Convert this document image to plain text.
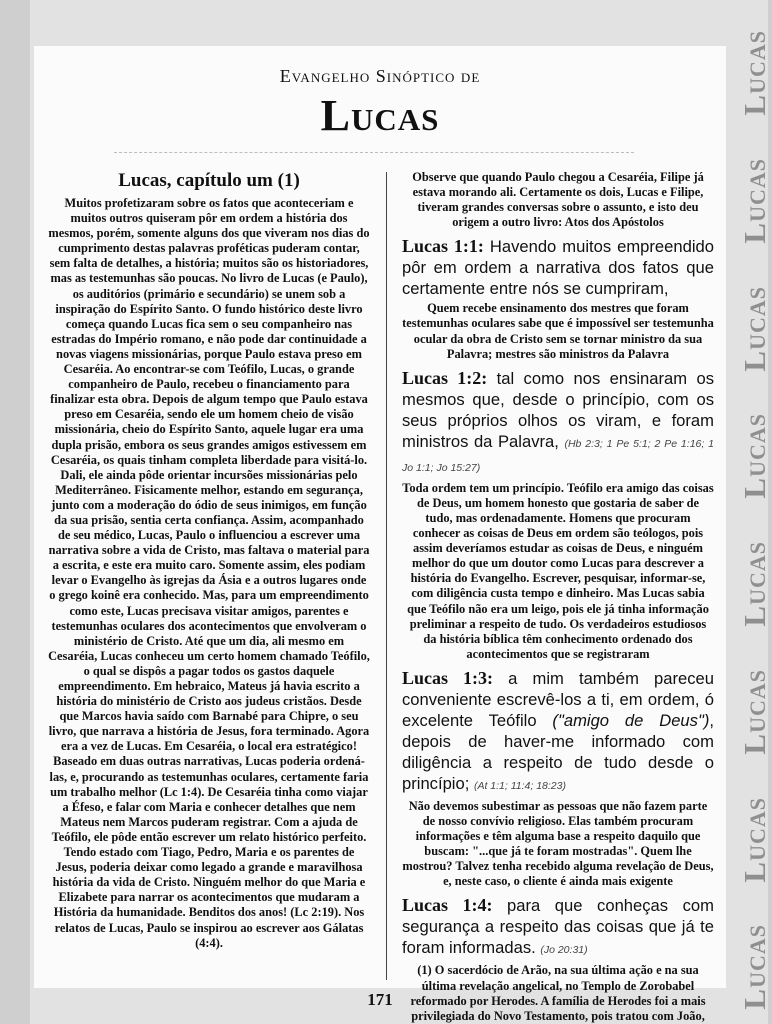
Evangelho Sinóptico de
Lucas
Lucas, capítulo um (1)

Muitos profetizaram sobre os fatos que aconteceriam e muitos outros quiseram pôr em ordem a história dos mesmos, porém, somente alguns dos que viveram nos dias do cumprimento destas palavras proféticas puderam contar, sem falta de detalhes, a história; muitos são os historiadores, mas as testemunhas são poucas. No livro de Lucas (e Paulo), os auditórios (primário e secundário) se unem sob a inspiração do Espírito Santo. O fundo histórico deste livro começa quando Lucas fica sem o seu companheiro nas estradas do Império romano, e não pode dar continuidade a novas viagens missionárias, porque Paulo estava preso em Cesaréia. Ao encontrar-se com Teófilo, Lucas, o grande companheiro de Paulo, recebeu o financiamento para finalizar esta obra. Depois de algum tempo que Paulo estava preso em Cesaréia, sendo ele um homem cheio de visão missionária, cheio do Espírito Santo, aquele lugar era uma dupla prisão, embora os seus grandes amigos estivessem em Cesaréia, os quais tinham completa liberdade para visitá-lo. Dali, ele ainda pôde orientar incursões missionárias pelo Mediterrâneo. Fisicamente melhor, estando em segurança, junto com a moderação do ódio de seus inimigos, em função da sua prisão, sentia certa confiança. Assim, acompanhado de seu médico, Lucas, Paulo o influenciou a escrever uma narrativa sobre a vida de Cristo, mas faltava o material para a escrita, e este era muito caro. Somente assim, eles podiam levar o Evangelho às igrejas da Ásia e a outros lugares onde o grego koinê era conhecido. Mas, para um empreendimento como este, Lucas precisava visitar amigos, parentes e testemunhas oculares dos acontecimentos que envolveram o ministério de Cristo. Até que um dia, ali mesmo em Cesaréia, Lucas conheceu um certo homem chamado Teófilo, o qual se dispôs a pagar todos os gastos daquele empreendimento. Em hebraico, Mateus já havia escrito a história do ministério de Cristo aos judeus cristãos. Desde que Marcos havia saído com Barnabé para Chipre, o seu livro, que narrava a história de Jesus, fora terminado. Agora era a vez de Lucas. Em Cesaréia, o local era estratégico! Baseado em duas outras narrativas, Lucas poderia ordená-las, e, procurando as testemunhas oculares, certamente faria um trabalho melhor (Lc 1:4). De Cesaréia tinha como viajar a Éfeso, e falar com Maria e conhecer detalhes que nem Mateus nem Marcos puderam registrar. Com a ajuda de Teófilo, ele pôde então escrever um relato histórico perfeito. Tendo estado com Tiago, Pedro, Maria e os parentes de Jesus, poderia deixar como legado a grande e maravilhosa história da vida de Cristo. Ninguém melhor do que Maria e Elizabete para narrar os acontecimentos que mudaram a História da humanidade. Benditos dos anos! (Lc 2:19). Nos relatos de Lucas, Paulo se inspirou ao escrever aos Gálatas (4:4).

Observe que quando Paulo chegou a Cesaréia, Filipe já estava morando ali. Certamente os dois, Lucas e Filipe, tiveram grandes conversas sobre o assunto, e isto deu origem a outro livro: Atos dos Apóstolos

Lucas 1:1: Havendo muitos empreendido pôr em ordem a narrativa dos fatos que certamente entre nós se cumpriram,

Quem recebe ensinamento dos mestres que foram testemunhas oculares sabe que é impossível ser testemunha ocular da obra de Cristo sem se tornar ministro da sua Palavra; mestres são ministros da Palavra

Lucas 1:2: tal como nos ensinaram os mesmos que, desde o princípio, com os seus próprios olhos os viram, e foram ministros da Palavra, (Hb 2:3; 1 Pe 5:1; 2 Pe 1:16; 1 Jo 1:1; Jo 15:27)

Toda ordem tem um princípio. Teófilo era amigo das coisas de Deus, um homem honesto que gostaria de saber de tudo, mas ordenadamente. Homens que procuram conhecer as coisas de Deus em ordem são teólogos, pois assim deveríamos estudar as coisas de Deus, e ninguém melhor do que um doutor como Lucas para descrever a história do Evangelho. Escrever, pesquisar, informar-se, com diligência custa tempo e dinheiro. Mas Lucas sabia que Teófilo não era um leigo, pois ele já tinha informação preliminar a respeito de tudo. Os verdadeiros estudiosos da história bíblica têm conhecimento ordenado dos acontecimentos que se registraram

Lucas 1:3: a mim também pareceu conveniente escrevê-los a ti, em ordem, ó excelente Teófilo ("amigo de Deus"), depois de haver-me informado com diligência a respeito de tudo desde o princípio; (At 1:1; 11:4; 18:23)

Não devemos subestimar as pessoas que não fazem parte de nosso convívio religioso. Elas também procuram informações e têm alguma base a respeito daquilo que buscam: "...que já te foram mostradas". Quem lhe mostrou? Talvez tenha recebido alguma revelação de Deus, e, neste caso, o cliente é ainda mais exigente

Lucas 1:4: para que conheças com segurança a respeito das coisas que já te foram informadas. (Jo 20:31)

(1) O sacerdócio de Arão, na sua última ação e na sua última revelação angelical, no Templo de Zorobabel reformado por Herodes. A família de Herodes foi a mais privilegiada do Novo Testamento, pois tratou com João,

171
Lucas
Lucas
Lucas
Lucas
Lucas
Lucas
Lucas
Lucas
